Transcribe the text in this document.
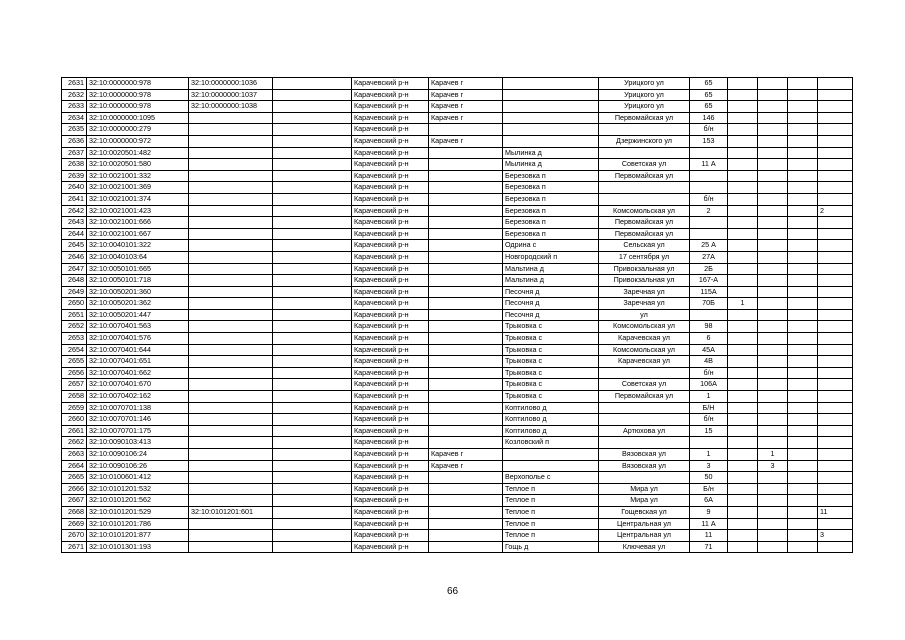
2631	32:10:0000000:978	32:10:0000000:1036		Карачевский р-н	Карачев г		Урицкого ул	65				
2632	32:10:0000000:978	32:10:0000000:1037		Карачевский р-н	Карачев г		Урицкого ул	65				
2633	32:10:0000000:978	32:10:0000000:1038		Карачевский р-н	Карачев г		Урицкого ул	65				
2634	32:10:0000000:1095			Карачевский р-н	Карачев г		Первомайская ул	146				
2635	32:10:0000000:279			Карачевский р-н				б/н				
2636	32:10:0000000:972			Карачевский р-н	Карачев г		Дзержинского ул	153				
2637	32:10:0020501:482			Карачевский р-н		Мылинка д						
2638	32:10:0020501:580			Карачевский р-н		Мылинка д	Советская ул	11 А				
2639	32:10:0021001:332			Карачевский р-н		Березовка п	Первомайская ул					
2640	32:10:0021001:369			Карачевский р-н		Березовка п						
2641	32:10:0021001:374			Карачевский р-н		Березовка п		б/н				
2642	32:10:0021001:423			Карачевский р-н		Березовка п	Комсомольская ул	2				2
2643	32:10:0021001:666			Карачевский р-н		Березовка п	Первомайская ул					
2644	32:10:0021001:667			Карачевский р-н		Березовка п	Первомайская ул					
2645	32:10:0040101:322			Карачевский р-н		Одрина с	Сельская ул	25 А				
2646	32:10:0040103:64			Карачевский р-н		Новгородский п	17 сентября ул	27А				
2647	32:10:0050101:665			Карачевский р-н		Мальтина д	Привокзальная ул	2Б				
2648	32:10:0050101:718			Карачевский р-н		Мальтина д	Привокзальная ул	167-А				
2649	32:10:0050201:360			Карачевский р-н		Песочня д	Заречная ул	115А				
2650	32:10:0050201:362			Карачевский р-н		Песочня д	Заречная ул	70Б	1			
2651	32:10:0050201:447			Карачевский р-н		Песочня д	ул					
2652	32:10:0070401:563			Карачевский р-н		Трыковка с	Комсомольская ул	98				
2653	32:10:0070401:576			Карачевский р-н		Трыковка с	Карачевская ул	6				
2654	32:10:0070401:644			Карачевский р-н		Трыковка с	Комсомольская ул	45А				
2655	32:10:0070401:651			Карачевский р-н		Трыковка с	Карачевская ул	4В				
2656	32:10:0070401:662			Карачевский р-н		Трыковка с		б/н				
2657	32:10:0070401:670			Карачевский р-н		Трыковка с	Советская ул	106А				
2658	32:10:0070402:162			Карачевский р-н		Трыковка с	Первомайская ул	1				
2659	32:10:0070701:138			Карачевский р-н		Коптилово д		Б/Н				
2660	32:10:0070701:146			Карачевский р-н		Коптилово д		б/н				
2661	32:10:0070701:175			Карачевский р-н		Коптилово д	Артюхова ул	15				
2662	32:10:0090103:413			Карачевский р-н		Козловский п						
2663	32:10:0090106:24			Карачевский р-н	Карачев г		Вязовская ул	1		1		
2664	32:10:0090106:26			Карачевский р-н	Карачев г		Вязовская ул	3		3		
2665	32:10:0100601:412			Карачевский р-н		Верхополье с		50				
2666	32:10:0101201:532			Карачевский р-н		Теплое п	Мира ул	Б/н				
2667	32:10:0101201:562			Карачевский р-н		Теплое п	Мира ул	6А				
2668	32:10:0101201:529	32:10:0101201:601		Карачевский р-н		Теплое п	Гощевская ул	9				11
2669	32:10:0101201:786			Карачевский р-н		Теплое п	Центральная ул	11 А				
2670	32:10:0101201:877			Карачевский р-н		Теплое п	Центральная ул	11				3
2671	32:10:0101301:193			Карачевский р-н		Гощь д	Ключевая ул	71				
66
